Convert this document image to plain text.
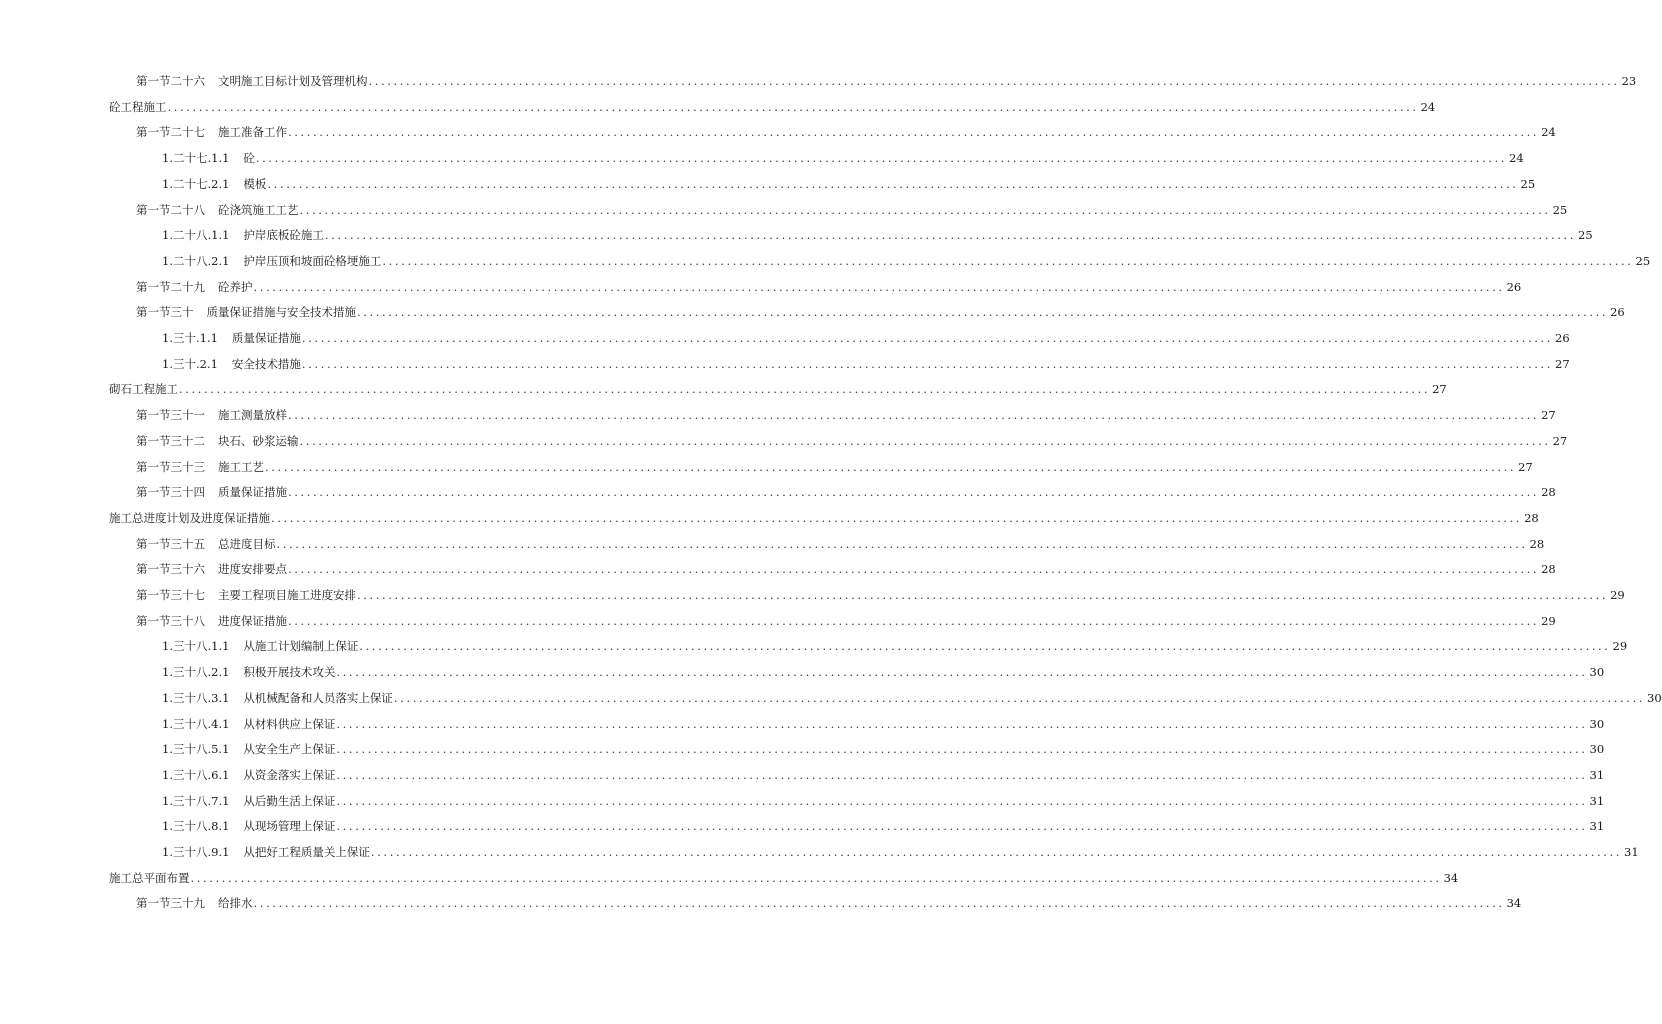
第一节二十六 文明施工目标计划及管理机构 ........................................................................................................................................................................................................ 23
砼工程施工 ........................................................................................................................................................................................................ 24
第一节二十七 施工准备工作 ........................................................................................................................................................................................................ 24
1.二十七.1.1 砼 ........................................................................................................................................................................................................ 24
1.二十七.2.1 模板 ........................................................................................................................................................................................................ 25
第一节二十八 砼浇筑施工工艺 ........................................................................................................................................................................................................ 25
1.二十八.1.1 护岸底板砼施工 ........................................................................................................................................................................................................ 25
1.二十八.2.1 护岸压顶和坡面砼格埂施工 ........................................................................................................................................................................................................ 25
第一节二十九 砼养护 ........................................................................................................................................................................................................ 26
第一节三十 质量保证措施与安全技术措施 ........................................................................................................................................................................................................ 26
1.三十.1.1 质量保证措施 ........................................................................................................................................................................................................ 26
1.三十.2.1 安全技术措施 ........................................................................................................................................................................................................ 27
砌石工程施工 ........................................................................................................................................................................................................ 27
第一节三十一 施工测量放样 ........................................................................................................................................................................................................ 27
第一节三十二 块石、砂浆运输 ........................................................................................................................................................................................................ 27
第一节三十三 施工工艺 ........................................................................................................................................................................................................ 27
第一节三十四 质量保证措施 ........................................................................................................................................................................................................ 28
施工总进度计划及进度保证措施 ........................................................................................................................................................................................................ 28
第一节三十五 总进度目标 ........................................................................................................................................................................................................ 28
第一节三十六 进度安排要点 ........................................................................................................................................................................................................ 28
第一节三十七 主要工程项目施工进度安排 ........................................................................................................................................................................................................ 29
第一节三十八 进度保证措施 ........................................................................................................................................................................................................ 29
1.三十八.1.1 从施工计划编制上保证 ........................................................................................................................................................................................................ 29
1.三十八.2.1 积极开展技术攻关 ........................................................................................................................................................................................................ 30
1.三十八.3.1 从机械配备和人员落实上保证 ........................................................................................................................................................................................................ 30
1.三十八.4.1 从材料供应上保证 ........................................................................................................................................................................................................ 30
1.三十八.5.1 从安全生产上保证 ........................................................................................................................................................................................................ 30
1.三十八.6.1 从资金落实上保证 ........................................................................................................................................................................................................ 31
1.三十八.7.1 从后勤生活上保证 ........................................................................................................................................................................................................ 31
1.三十八.8.1 从现场管理上保证 ........................................................................................................................................................................................................ 31
1.三十八.9.1 从把好工程质量关上保证 ........................................................................................................................................................................................................ 31
施工总平面布置 ........................................................................................................................................................................................................ 34
第一节三十九 给排水 ........................................................................................................................................................................................................ 34
